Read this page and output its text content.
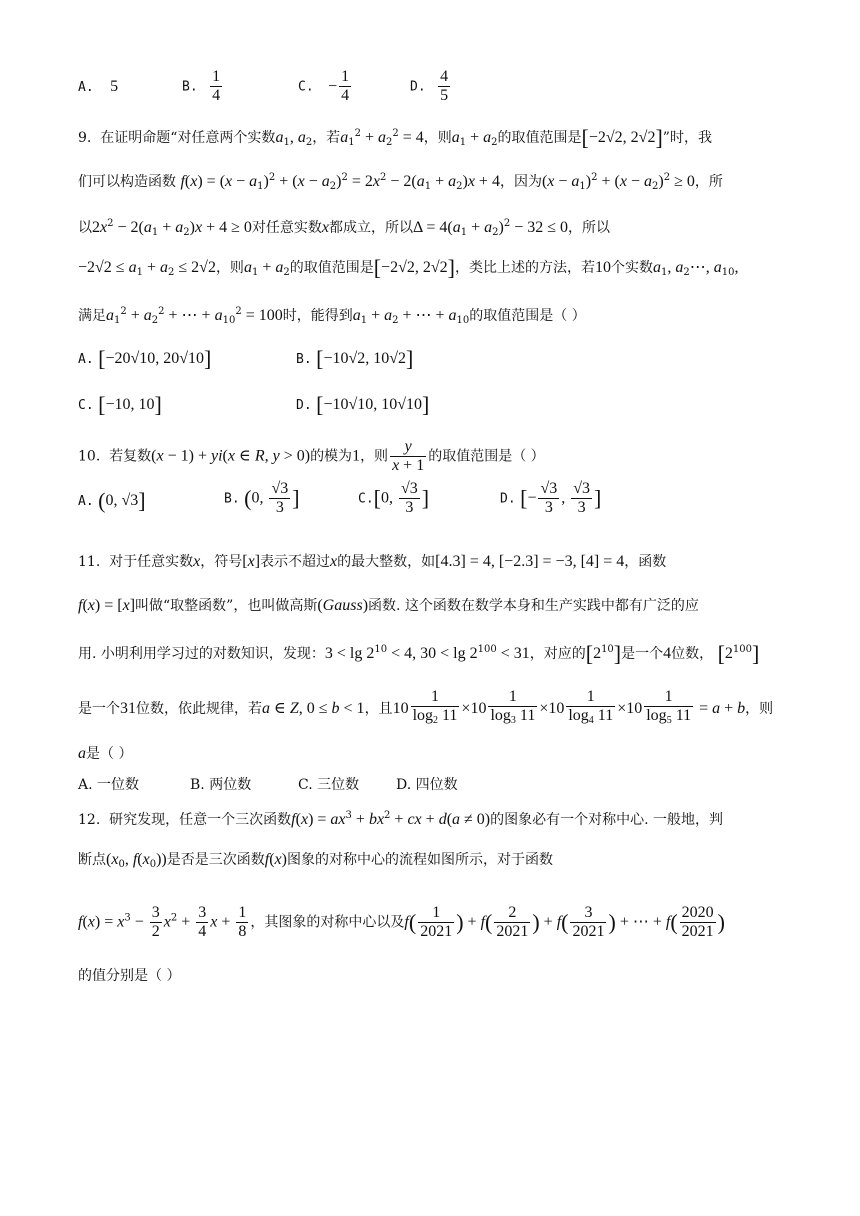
A. 5	B. $\frac{1}{4}$	C. − $\frac{1}{4}$	D. $\frac{4}{5}$
9. 在证明命题“对任意两个实数$a_1$, $a_2$，若$a_1^2 + a_2^2 = 4$，则$a_1 + a_2$的取值范围是[−2√2, 2√2]”时，我
们可以构造函数 $f(x) = (x - a_1)^2 + (x - a_2)^2 = 2x^2 - 2(a_1 + a_2)x + 4$，因为$(x - a_1)^2 + (x - a_2)^2 \ge 0$，所
以$2x^2 - 2(a_1 + a_2)x + 4 \ge 0$对任意实数x都成立，所以$\Delta = 4(a_1 + a_2)^2 - 32 \le 0$，所以
$-2√2 \le a_1 + a_2 \le 2√2$，则$a_1 + a_2$的取值范围是[−2√2, 2√2]，类比上述的方法，若10个实数$a_1$, $a_2\cdots$, $a_{10}$,
满足$a_1^2 + a_2^2$ + ⋯ + $a_{10}^2 = 100$时，能得到$a_1 + a_2$ + ⋯ + $a_{10}$的取值范围是（ ）
A. [−20√10, 20√10]	B. [−10√2, 10√2]
C. [−10, 10]	D. [−10√10, 10√10]
10. 若复数(x − 1) + yi(x ∈ R, y > 0)的模为1，则 $\frac{y}{x + 1}$ 的取值范围是（ ）
A. (0, √3]	B. (0, $\frac{√3}{3}$ ]	C.[0, $\frac{√3}{3}$ ]	D. [− $\frac{√3}{3}$ , $\frac{√3}{3}$ ]
11. 对于任意实数x，符号[x]表示不超过x的最大整数，如[4.3] = 4, [−2.3] = −3, [4] = 4，函数
f(x) = [x]叫做“取整函数”，也叫做高斯(Gauss)函数. 这个函数在数学本身和生产实践中都有广泛的应
用. 小明利用学习过的对数知识，发现：$3 < \lg 2^{10} < 4$, $30 < \lg 2^{100} < 31$，对应的$[2^{10}]$是一个4位数， $[2^{100}]$
是一个31位数，依此规律，若a ∈ Z, 0 ≤ b < 1，且$10 \frac{1}{\log_2 11} \times 10 \frac{1}{\log_3 11} \times 10 \frac{1}{\log_4 11} \times 10 \frac{1}{\log_5 11} = a + b$，则
a是（ ）
A. 一位数	B. 两位数	C. 三位数	D. 四位数
12. 研究发现，任意一个三次函数$f(x) = ax^3 + bx^2$ + cx + d(a ≠ 0)的图象必有一个对称中心. 一般地，判
断点($x_0$, $f(x_0)$)是否是三次函数f(x)图象的对称中心的流程如图所示，对于函数
$f(x) = x^3 - \frac{3}{2} x^2 + \frac{3}{4}$ $x + \frac{1}{8}$ ，其图象的对称中心以及$f( \frac{1}{2021}$ ) + $f( \frac{2}{2021}$ ) + $f( \frac{3}{2021}$ ) + ⋯ + $f( \frac{2020}{2021}$ )
的值分别是（ ）
